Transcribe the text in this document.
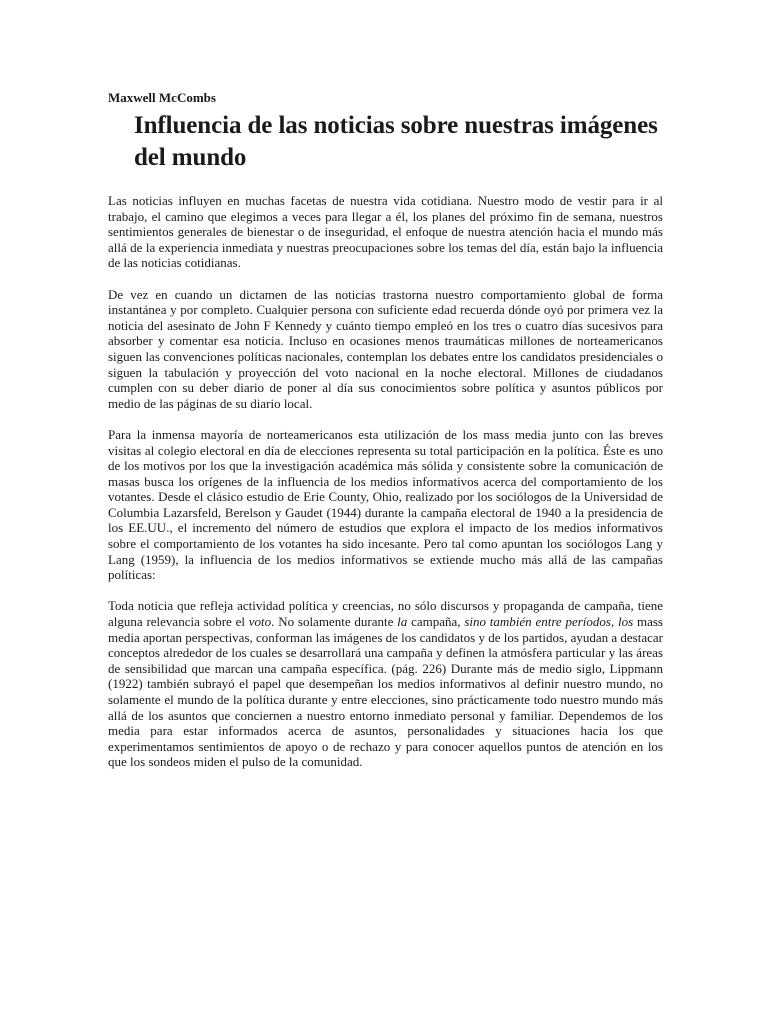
Maxwell McCombs
Influencia de las noticias sobre nuestras imágenes del mundo

Las noticias influyen en muchas facetas de nuestra vida cotidiana. Nuestro modo de vestir para ir al trabajo, el camino que elegimos a veces para llegar a él, los planes del próximo fin de semana, nuestros sentimientos generales de bienestar o de inseguridad, el enfoque de nuestra atención hacia el mundo más allá de la experiencia inmediata y nuestras preocupaciones sobre los temas del día, están bajo la influencia de las noticias cotidianas.

De vez en cuando un dictamen de las noticias trastorna nuestro comportamiento global de forma instantánea y por completo. Cualquier persona con suficiente edad recuerda dónde oyó por primera vez la noticia del asesinato de John F Kennedy y cuánto tiempo empleó en los tres o cuatro días sucesivos para absorber y comentar esa noticia. Incluso en ocasiones menos traumáticas millones de norteamericanos siguen las convenciones políticas nacionales, contemplan los debates entre los candidatos presidenciales o siguen la tabulación y proyección del voto nacional en la noche electoral. Millones de ciudadanos cumplen con su deber diario de poner al día sus conocimientos sobre política y asuntos públicos por medio de las páginas de su diario local.

Para la inmensa mayoría de norteamericanos esta utilización de los mass media junto con las breves visitas al colegio electoral en día de elecciones representa su total participación en la política. Éste es uno de los motivos por los que la investigación académica más sólida y consistente sobre la comunicación de masas busca los orígenes de la influencia de los medios informativos acerca del comportamiento de los votantes. Desde el clásico estudio de Erie County, Ohio, realizado por los sociólogos de la Universidad de Columbia Lazarsfeld, Berelson y Gaudet (1944) durante la campaña electoral de 1940 a la presidencia de los EE.UU., el incremento del número de estudios que explora el impacto de los medios informativos sobre el comportamiento de los votantes ha sido incesante. Pero tal como apuntan los sociólogos Lang y Lang (1959), la influencia de los medios informativos se extiende mucho más allá de las campañas políticas:

Toda noticia que refleja actividad política y creencias, no sólo discursos y propaganda de campaña, tiene alguna relevancia sobre el voto. No solamente durante la campaña, sino también entre períodos, los mass media aportan perspectivas, conforman las imágenes de los candidatos y de los partidos, ayudan a destacar conceptos alrededor de los cuales se desarrollará una campaña y definen la atmósfera particular y las áreas de sensibilidad que marcan una campaña específica. (pág. 226) Durante más de medio siglo, Lippmann (1922) también subrayó el papel que desempeñan los medios informativos al definir nuestro mundo, no solamente el mundo de la política durante y entre elecciones, sino prácticamente todo nuestro mundo más allá de los asuntos que conciernen a nuestro entorno inmediato personal y familiar. Dependemos de los media para estar informados acerca de asuntos, personalidades y situaciones hacia los que experimentamos sentimientos de apoyo o de rechazo y para conocer aquellos puntos de atención en los que los sondeos miden el pulso de la comunidad.
